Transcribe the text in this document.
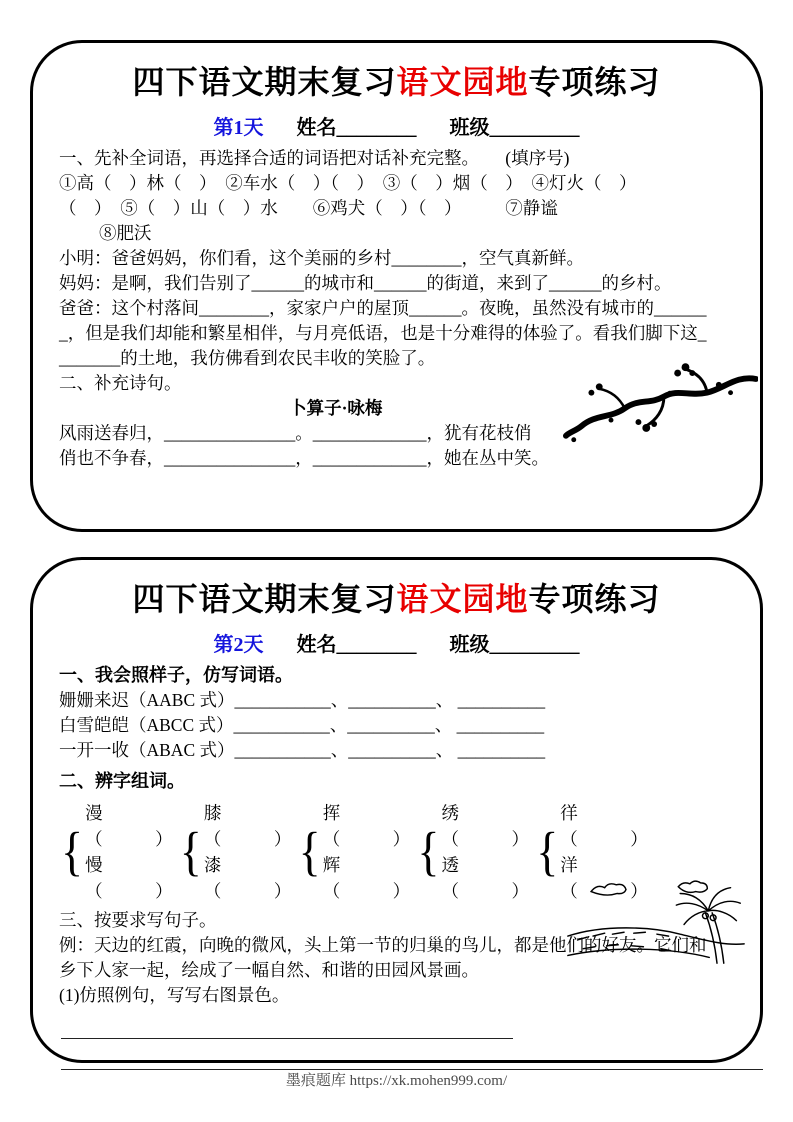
四下语文期末复习语文园地专项练习
第1天 姓名________ 班级_________

一、先补全词语，再选择合适的词语把对话补充完整。　　(填序号)

①高（　）林（　）　②车水（　）（　）　③（　）烟（　）　④灯火（　）

（　）　⑤（　）山（　）水　　⑥鸡犬（　）（　）　　　⑦静谧

⑧肥沃

小明：爸爸妈妈，你们看，这个美丽的乡村________，空气真新鲜。

妈妈：是啊，我们告别了______的城市和______的街道，来到了______的乡村。

爸爸：这个村落间________，家家户户的屋顶______。夜晚，虽然没有城市的______

_，但是我们却能和繁星相伴，与月亮低语，也是十分难得的体验了。看我们脚下这_

_______的土地，我仿佛看到农民丰收的笑脸了。

二、补充诗句。

卜算子·咏梅

风雨送春归，_______________。_____________，犹有花枝俏

俏也不争春，_______________，_____________，她在丛中笑。

四下语文期末复习语文园地专项练习
第2天 姓名________ 班级_________

一、我会照样子，仿写词语。

姗姗来迟（AABC 式）___________、__________、 __________

白雪皑皑（ABCC 式）___________、__________、 __________

一开一收（ABAC 式）___________、__________、 __________

二、辨字组词。

{
漫（　　　）
慢（　　　）
{
膝（　　　）
漆（　　　）
{
挥（　　　）
辉（　　　）
{
绣（　　　）
透（　　　）
{
徉（　　　）
洋（　　　）

三、按要求写句子。

例：天边的红霞，向晚的微风，头上第一节的归巢的鸟儿，都是他们的好友。它们和

乡下人家一起，绘成了一幅自然、和谐的田园风景画。

(1)仿照例句，写写右图景色。

墨痕题库 https://xk.mohen999.com/
